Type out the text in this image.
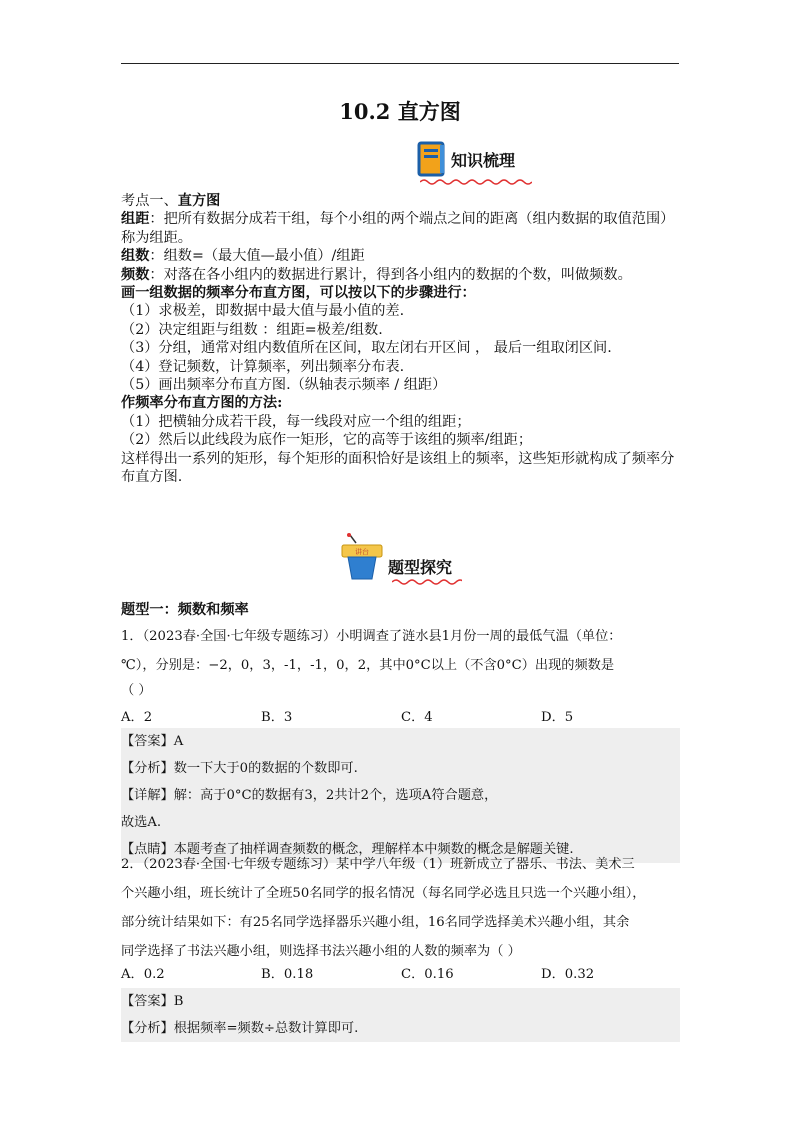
10.2 直方图
知识梳理

考点一、直方图

组距：把所有数据分成若干组，每个小组的两个端点之间的距离（组内数据的取值范围）称为组距。

组数：组数=（最大值—最小值）/组距

频数：对落在各小组内的数据进行累计，得到各小组内的数据的个数，叫做频数。

画一组数据的频率分布直方图，可以按以下的步骤进行：

（1）求极差，即数据中最大值与最小值的差.

（2）决定组距与组数 ：组距=极差/组数.

（3）分组，通常对组内数值所在区间，取左闭右开区间 ， 最后一组取闭区间.

（4）登记频数，计算频率，列出频率分布表.

（5）画出频率分布直方图.（纵轴表示频率 / 组距）

作频率分布直方图的方法:

（1）把横轴分成若干段，每一线段对应一个组的组距；

（2）然后以此线段为底作一矩形，它的高等于该组的频率/组距；

这样得出一系列的矩形，每个矩形的面积恰好是该组上的频率，这些矩形就构成了频率分布直方图.

讲台
题型探究
题型一：频数和频率

1．（2023春·全国·七年级专题练习）小明调查了涟水县1月份一周的最低气温（单位：

℃），分别是：−2，0，3，-1，-1，0，2，其中0°C以上（不含0°C）出现的频数是

（ ）

A．2	B．3	C．4	D．5

【答案】A

【分析】数一下大于0的数据的个数即可.

【详解】解：高于0°C的数据有3，2共计2个，选项A符合题意，

故选A.

【点睛】本题考查了抽样调查频数的概念，理解样本中频数的概念是解题关键.

2．（2023春·全国·七年级专题练习）某中学八年级（1）班新成立了器乐、书法、美术三

个兴趣小组，班长统计了全班50名同学的报名情况（每名同学必选且只选一个兴趣小组），

部分统计结果如下：有25名同学选择器乐兴趣小组，16名同学选择美术兴趣小组，其余

同学选择了书法兴趣小组，则选择书法兴趣小组的人数的频率为（ ）

A．0.2	B．0.18	C．0.16	D．0.32

【答案】B

【分析】根据频率=频数÷总数计算即可.
